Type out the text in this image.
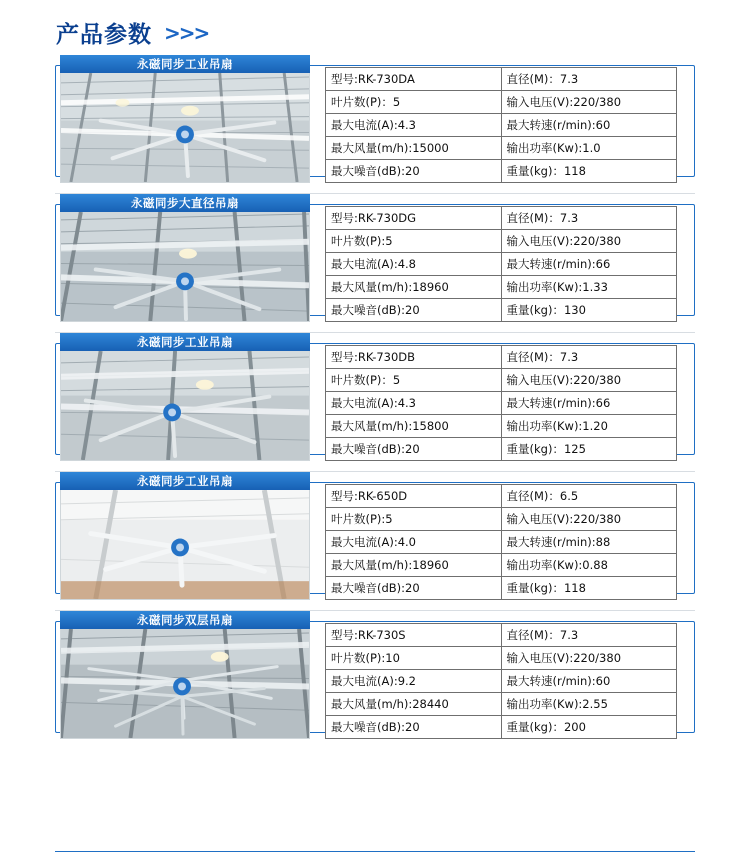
产品参数 >>>
永磁同步工业吊扇
型号:RK-730DA	直径(M)：7.3
叶片数(P)：5	输入电压(V):220/380
最大电流(A):4.3	最大转速(r/min):60
最大风量(m/h):15000	输出功率(Kw):1.0
最大噪音(dB):20	重量(kg)：118
永磁同步大直径吊扇
型号:RK-730DG	直径(M)：7.3
叶片数(P):5	输入电压(V):220/380
最大电流(A):4.8	最大转速(r/min):66
最大风量(m/h):18960	输出功率(Kw):1.33
最大噪音(dB):20	重量(kg)：130
永磁同步工业吊扇
型号:RK-730DB	直径(M)：7.3
叶片数(P)：5	输入电压(V):220/380
最大电流(A):4.3	最大转速(r/min):66
最大风量(m/h):15800	输出功率(Kw):1.20
最大噪音(dB):20	重量(kg)：125
永磁同步工业吊扇
型号:RK-650D	直径(M)：6.5
叶片数(P):5	输入电压(V):220/380
最大电流(A):4.0	最大转速(r/min):88
最大风量(m/h):18960	输出功率(Kw):0.88
最大噪音(dB):20	重量(kg)：118
永磁同步双层吊扇
型号:RK-730S	直径(M)：7.3
叶片数(P):10	输入电压(V):220/380
最大电流(A):9.2	最大转速(r/min):60
最大风量(m/h):28440	输出功率(Kw):2.55
最大噪音(dB):20	重量(kg)：200
